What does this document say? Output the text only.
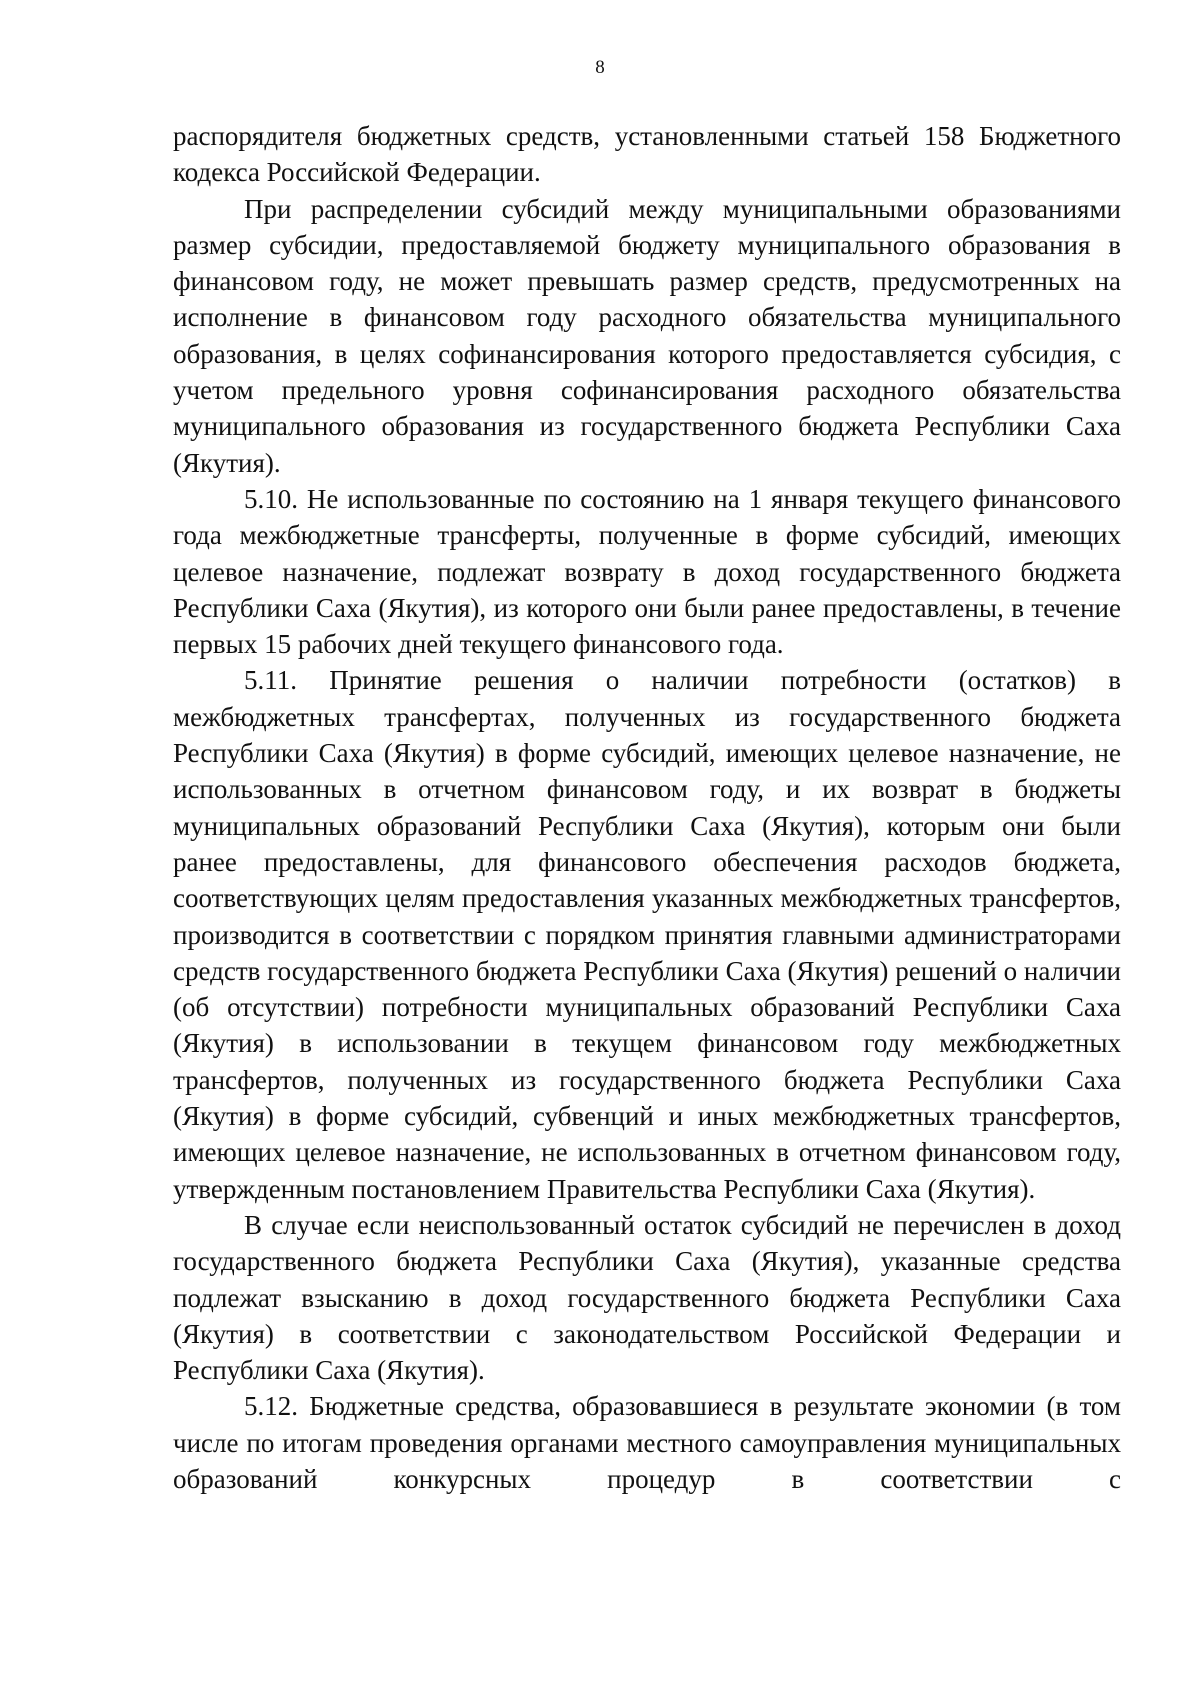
8

распорядителя бюджетных средств, установленными статьей 158 Бюджетного кодекса Российской Федерации.

При распределении субсидий между муниципальными образованиями размер субсидии, предоставляемой бюджету муниципального образования в финансовом году, не может превышать размер средств, предусмотренных на исполнение в финансовом году расходного обязательства муниципального образования, в целях софинансирования которого предоставляется субсидия, с учетом предельного уровня софинансирования расходного обязательства муниципального образования из государственного бюджета Республики Саха (Якутия).

5.10. Не использованные по состоянию на 1 января текущего финансового года межбюджетные трансферты, полученные в форме субсидий, имеющих целевое назначение, подлежат возврату в доход государственного бюджета Республики Саха (Якутия), из которого они были ранее предоставлены, в течение первых 15 рабочих дней текущего финансового года.

5.11. Принятие решения о наличии потребности (остатков) в межбюджетных трансфертах, полученных из государственного бюджета Республики Саха (Якутия) в форме субсидий, имеющих целевое назначение, не использованных в отчетном финансовом году, и их возврат в бюджеты муниципальных образований Республики Саха (Якутия), которым они были ранее предоставлены, для финансового обеспечения расходов бюджета, соответствующих целям предоставления указанных межбюджетных трансфертов, производится в соответствии с порядком принятия главными администраторами средств государственного бюджета Республики Саха (Якутия) решений о наличии (об отсутствии) потребности муниципальных образований Республики Саха (Якутия) в использовании в текущем финансовом году межбюджетных трансфертов, полученных из государственного бюджета Республики Саха (Якутия) в форме субсидий, субвенций и иных межбюджетных трансфертов, имеющих целевое назначение, не использованных в отчетном финансовом году, утвержденным постановлением Правительства Республики Саха (Якутия).

В случае если неиспользованный остаток субсидий не перечислен в доход государственного бюджета Республики Саха (Якутия), указанные средства подлежат взысканию в доход государственного бюджета Республики Саха (Якутия) в соответствии с законодательством Российской Федерации и Республики Саха (Якутия).

5.12. Бюджетные средства, образовавшиеся в результате экономии (в том числе по итогам проведения органами местного самоуправления муниципальных образований конкурсных процедур в соответствии с
